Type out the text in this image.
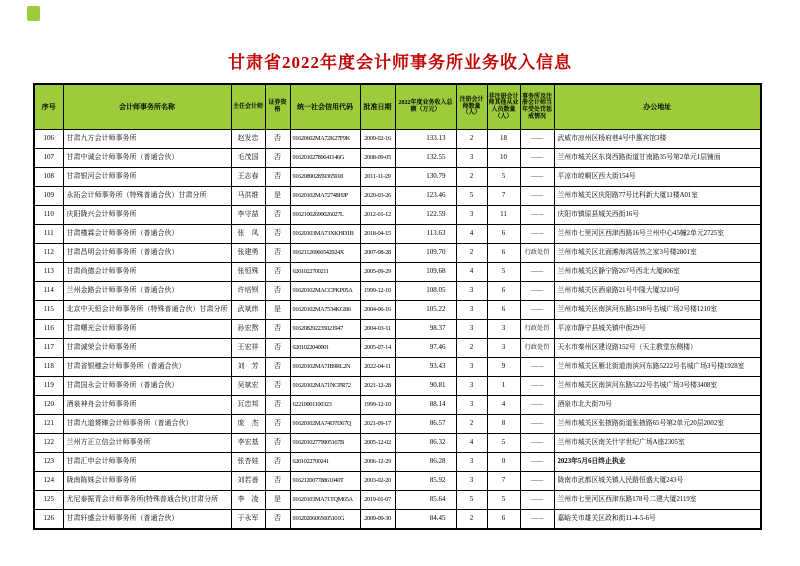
甘肃省2022年度会计师事务所业务收入信息
序号	会计师事务所名称	主任会计师	证券资格	统一社会信用代码	批准日期	2022年度业务收入总额（万元）	注册会计师数量（人）	非注册会计师其他从业人员数量（人）	事务所及注册会计师当年受处罚惩戒情况	办公地址
106	甘肃九方会计师事务所	赵发忠	否	91620602MA72K27F9K	2009-02-16	133.13	2	18	——	武威市凉州区杨府巷4号中惠宾馆3楼
107	甘肃中诚会计师事务所（普通合伙）	毛茂国	否	91620102789641146G	2008-09-05	132.55	3	10	——	兰州市城关区东岗西路街道甘南路35号第2单元1层铺面
108	甘肃银河会计师事务所	王志春	否	916208902859365918	2011-11-29	130.79	2	5	——	平凉市崆峒区西大街154号
109	永拓会计师事务所（特殊普通合伙）甘肃分所	马洪维	是	91620102MA72748HJP	2020-03-26	123.46	5	7	——	兰州市城关区庆阳路77号比科新大厦11楼A01室
110	庆阳陇兴会计师事务所	李守喆	否	91621002690026027L	2012-01-12	122.59	3	11	——	庆阳市镇原县城关西街16号
111	甘肃槿霖会计师事务所（普通合伙）	张　凤	否	91620103MA73XKHD1B	2018-04-15	113.63	4	6	——	兰州市七里河区西津西路16号兰州中心45幢2单元2725室
112	甘肃昌明会计师事务所（普通合伙）	张建勇	否	91621126966542924X	2007-08-28	109.70	2	6	行政处罚	兰州市城关区北面滩海鸿居然之家3号楼2801室
113	甘肃尚德会计师事务所	张恒殊	否	6201022700211	2005-09-29	109.68	4	5	——	兰州市城关区静宁路267号西北大厦806室
114	兰州金路会计师事务所（普通合伙）	许培钡	否	91620102MACCPKP05A	1999-12-10	108.05	3	6	——	兰州市城关区酒泉路21号中隆大厦3210号
115	北京中天恒会计师事务所（特殊普通合伙）甘肃分所	武斌炜	是	91620102MA7534KGB6	2004-06-16	105.22	3	6	——	兰州市城关区南滨河东路5198号名城广场2号楼1210室
116	甘肃曙光会计师事务所	孙宏熬	否	916208292235021947	2004-03-11	98.37	3	3	行政处罚	平凉市静宁县城关镇中街29号
117	甘肃诚荣会计师事务所	王宏祥	否	6201022040001	2005-07-14	97.46	2	3	行政处罚	天水市秦州区建设路152号（天主教堂东侧楼）
118	甘肃省银穗会计师事务所（普通合伙）	刘　芳	否	91620102MA7JB9RL2N	2022-04-11	93.43	3	9	——	兰州市城关区雁北街道南滨河东路5222号名城广场3号楼1928室
119	甘肃国永会计师事务所（普通合伙）	吴斌宏	否	91620102MA71NCPR72	2021-12-28	90.81	3	1	——	兰州市城关区南滨河东路5222号名城广场3号楼3408室
120	酒泉神舟会计师事务所	瓦忠邦	否	62210001100323	1999-12-10	88.14	3	4	——	酒泉市北大街70号
121	甘肃九道赟臻会计师事务所（普通合伙）	庞　杰	否	91620102MA74D7D67Q	2021-09-17	86.57	2	8	——	兰州市城关区张掖路街道张掖路65号第2单元20层2002室
122	兰州方正立信会计师事务所	李宏基	否	91620102779905167B	2005-12-02	86.32	4	5	——	兰州市城关区南关什字世纪广场A座2305室
123	甘肃汇申会计师事务所	张杏娃	否	6201022700241	2006-12-29	86.28	3	0	——	2023年5月6日终止执业
124	陇南陈姝会计师事务所	刘若善	否	91621200778861040T	2003-02-20	85.92	3	7	——	陇南市武都区城关镇人民路恒盛大厦243号
125	尤尼泰振青会计师事务所(特殊普通合伙)甘肃分所	李　凌	是	91620103MA71TQM65A	2019-01-07	85.64	5	5	——	兰州市七里河区西津东路178号二建大厦2119室
126	甘肃轩盛会计师事务所（普通合伙）	于永军	否	91620206065605101G	2009-09-30	84.45	2	6	——	嘉峪关市雄关区政和街11-4-5-6号
